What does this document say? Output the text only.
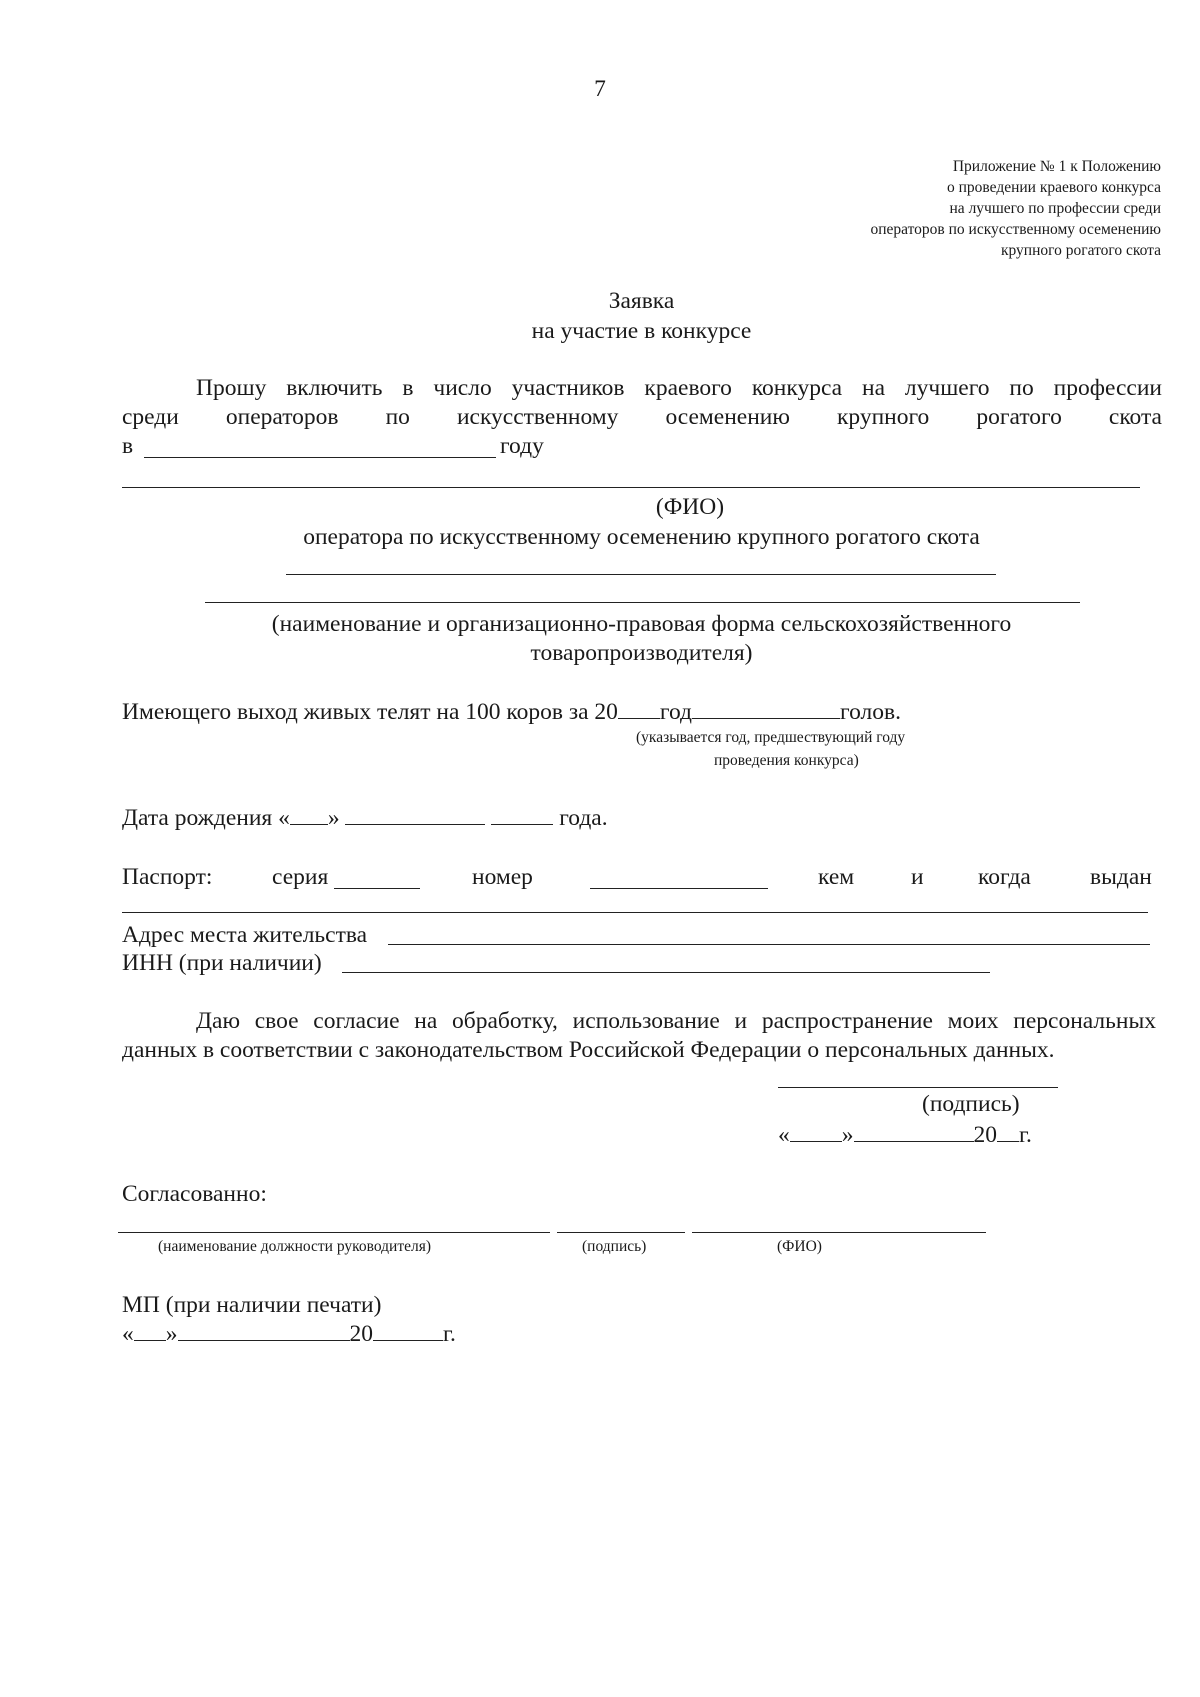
7
Приложение № 1 к Положению
о проведении краевого конкурса
на лучшего по профессии среди
операторов по искусственному осеменению
крупного рогатого скота
Заявка
на участие в конкурсе
Прошу включить в число участников краевого конкурса на лучшего по профессии
среди операторов по искусственному осеменению крупного рогатого скота
в	году
(ФИО)
оператора по искусственному осеменению крупного рогатого скота
(наименование и организационно-правовая форма сельскохозяйственного
товаропроизводителя)
Имеющего выход живых телят на 100 коров за 20 год	голов.
(указывается год, предшествующий году
проведения конкурса)
Дата рождения « »	года.
Паспорт:	серия	номер	кем и когда	выдан
Адрес места жительства
ИНН (при наличии)
Даю свое согласие на обработку, использование и распространение моих персональных
данных в соответствии с законодательством Российской Федерации о персональных данных.
(подпись)
« »	20 г.
Согласованно:
(наименование должности руководителя)	(подпись)	(ФИО)
МП (при наличии печати)
« »	20	г.
